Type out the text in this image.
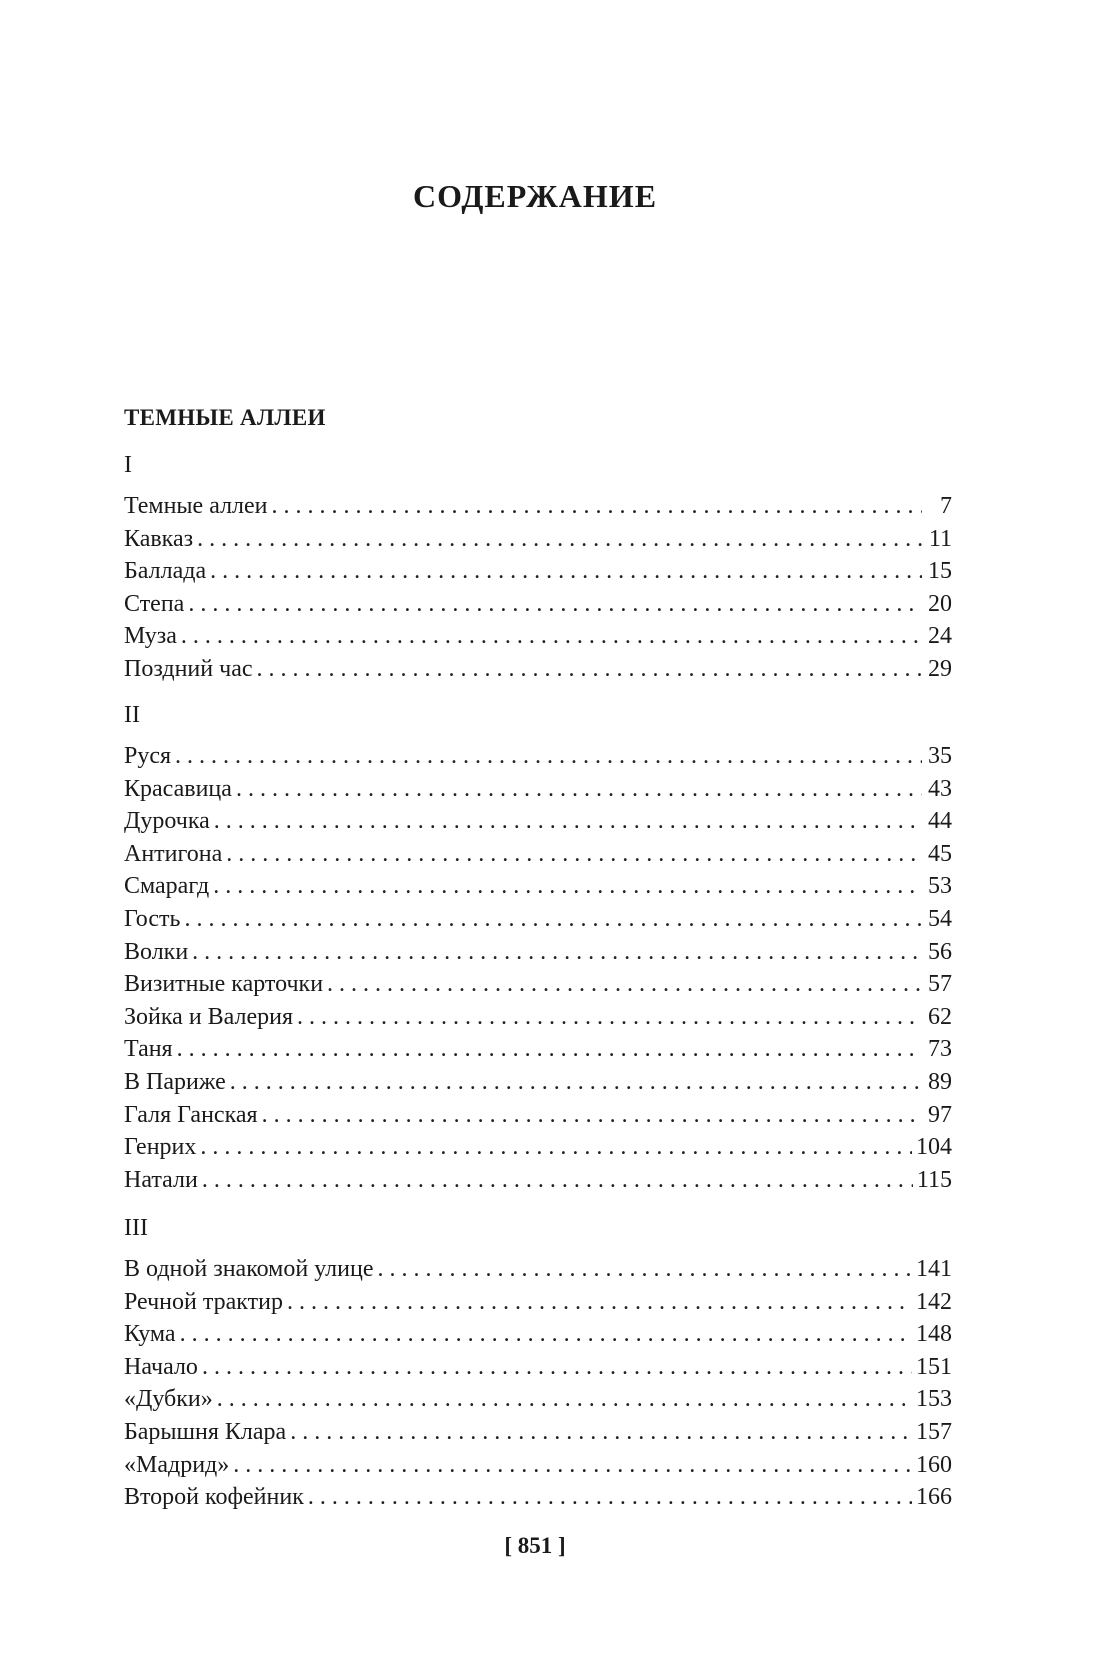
СОДЕРЖАНИЕ
ТЕМНЫЕ АЛЛЕИ
I
Темные аллеи . . .	7
Кавказ . . .	11
Баллада . . .	15
Степа . . .	20
Муза . . .	24
Поздний час . . .	29
II
Руся . . .	35
Красавица . . .	43
Дурочка . . .	44
Антигона . . .	45
Смарагд . . .	53
Гость . . .	54
Волки . . .	56
Визитные карточки . . .	57
Зойка и Валерия . . .	62
Таня . . .	73
В Париже . . .	89
Галя Ганская . . .	97
Генрих . . .	104
Натали . . .	115
III
В одной знакомой улице . . .	141
Речной трактир . . .	142
Кума . . .	148
Начало . . .	151
«Дубки» . . .	153
Барышня Клара . . .	157
«Мадрид» . . .	160
Второй кофейник . . .	166
[ 851 ]
